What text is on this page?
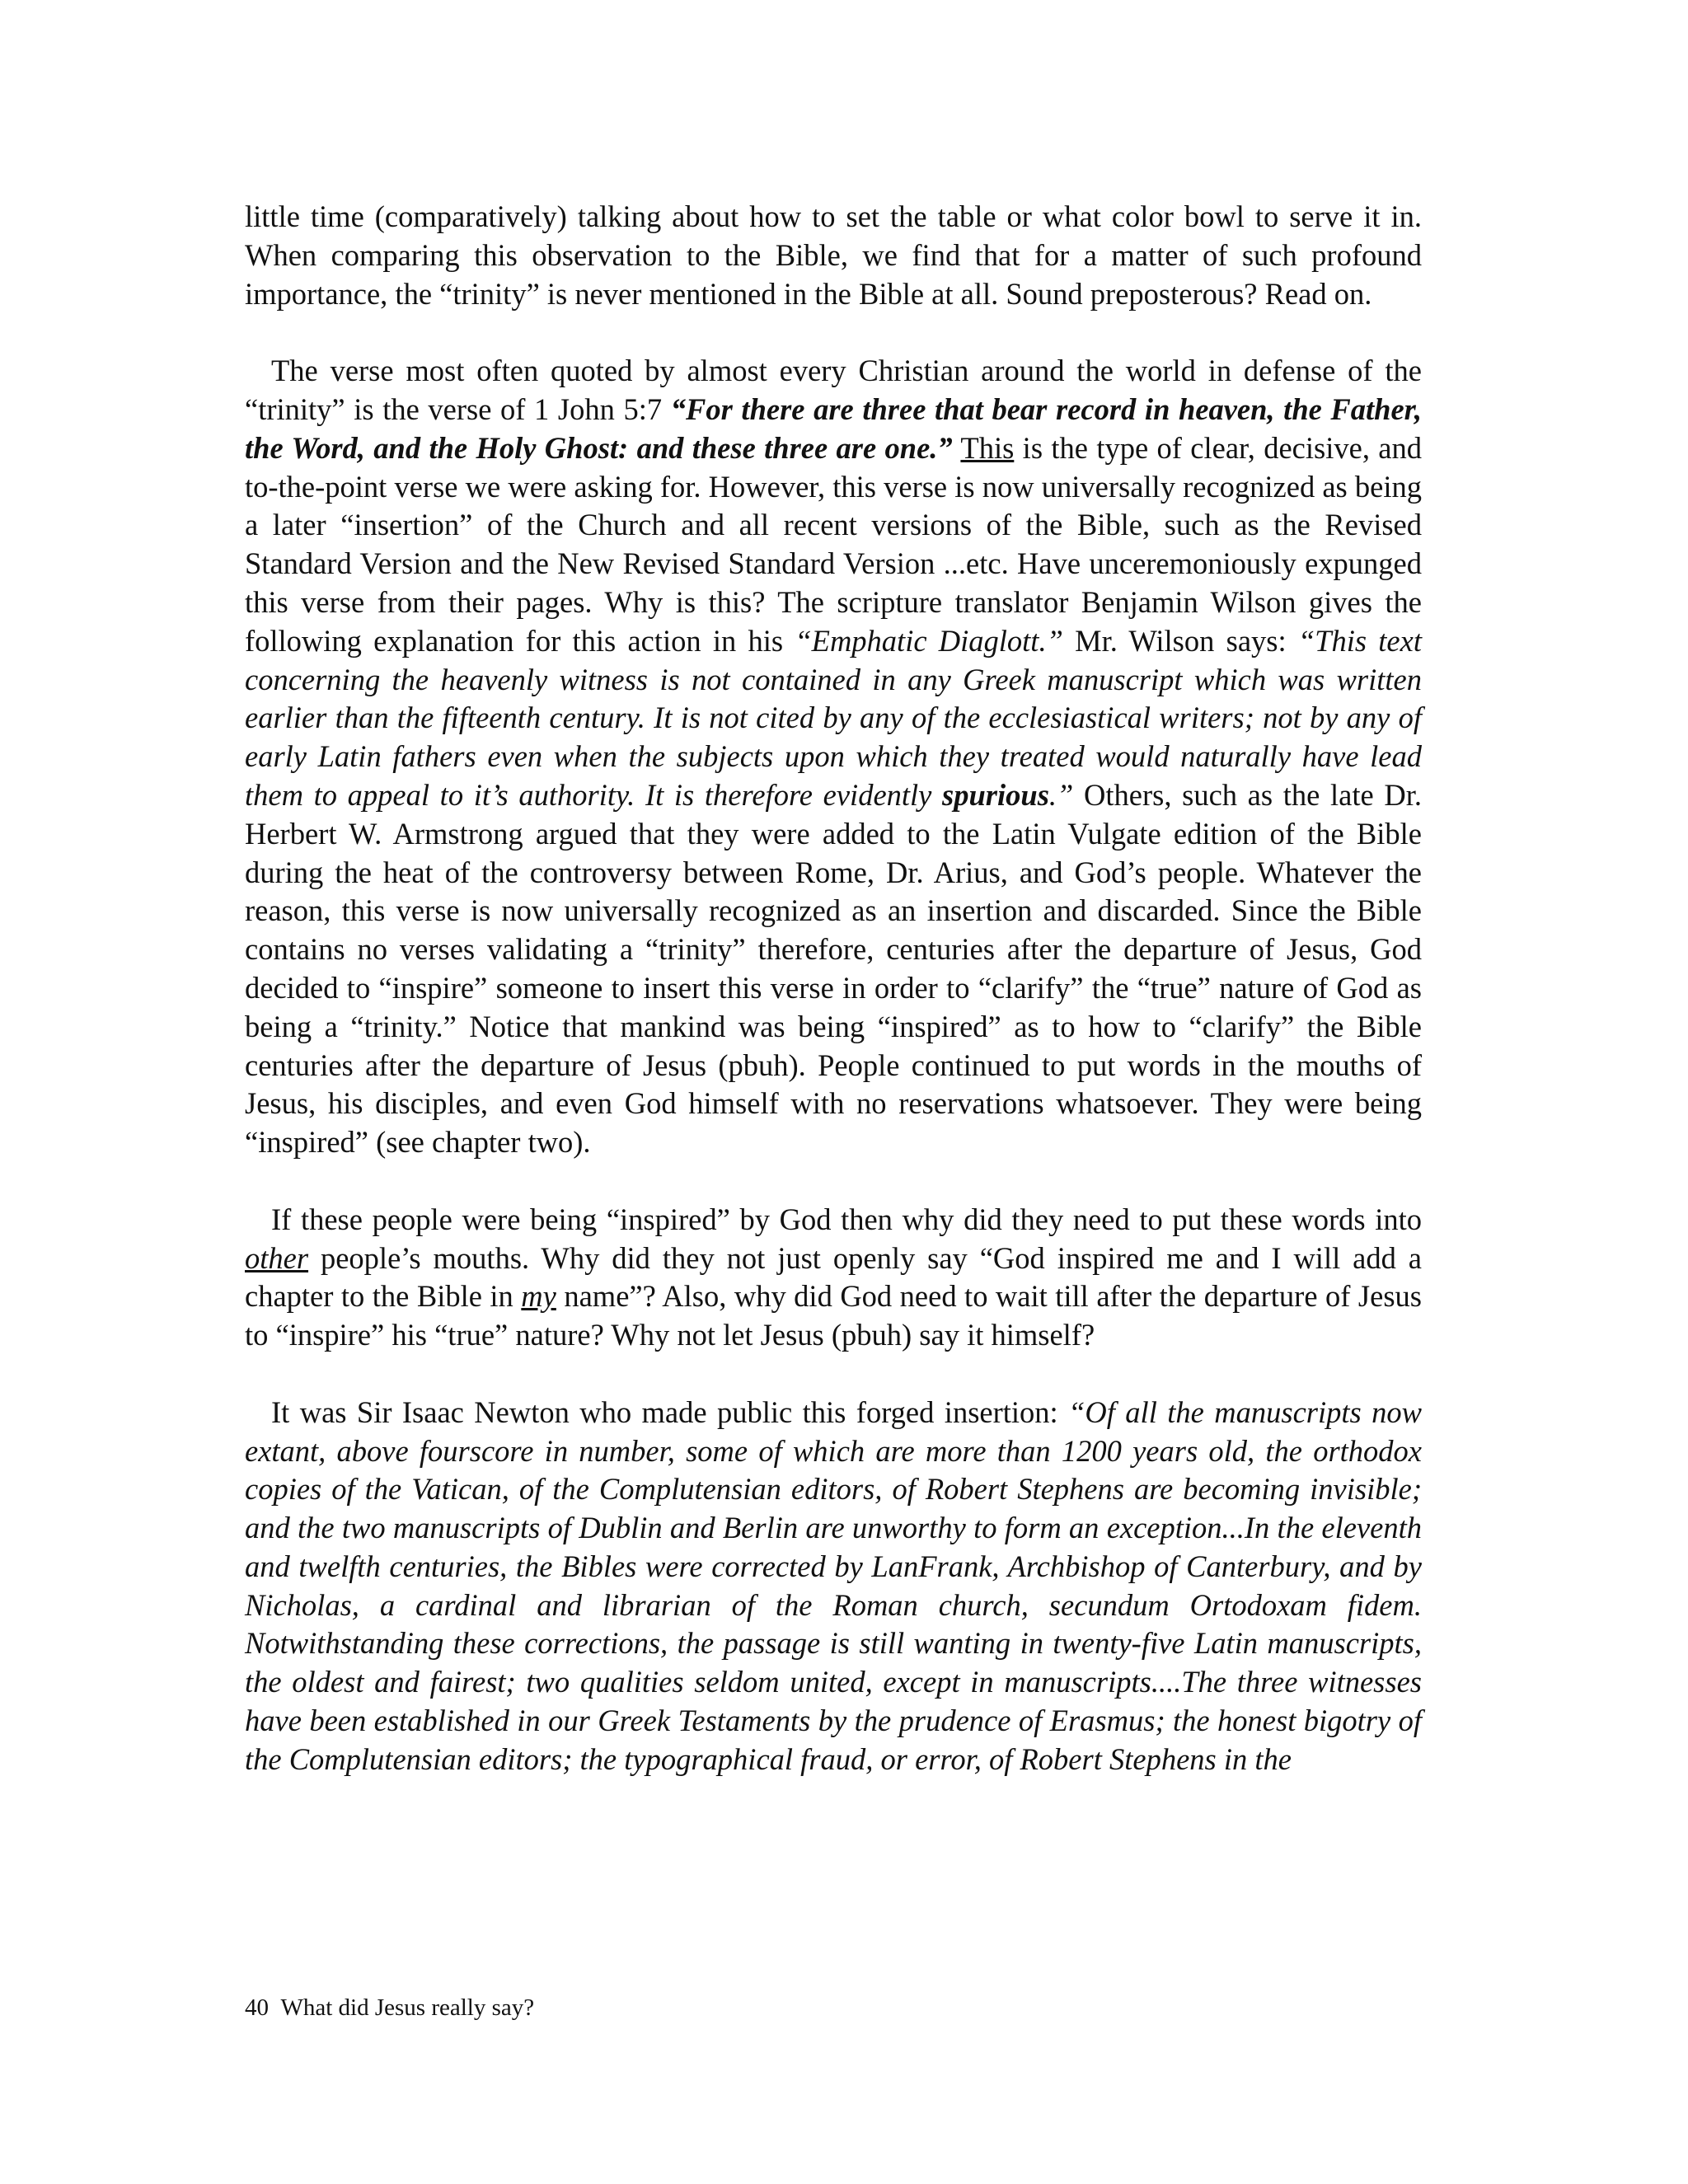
little time (comparatively) talking about how to set the table or what color bowl to serve it in. When comparing this observation to the Bible, we find that for a matter of such profound importance, the “trinity” is never mentioned in the Bible at all. Sound preposterous? Read on.

The verse most often quoted by almost every Christian around the world in defense of the “trinity” is the verse of 1 John 5:7 “For there are three that bear record in heaven, the Father, the Word, and the Holy Ghost: and these three are one.” This is the type of clear, decisive, and to-the-point verse we were asking for. However, this verse is now universally recognized as being a later “insertion” of the Church and all recent versions of the Bible, such as the Revised Standard Version and the New Revised Standard Version ...etc. Have unceremoniously expunged this verse from their pages. Why is this? The scripture translator Benjamin Wilson gives the following explanation for this action in his “Emphatic Diaglott.” Mr. Wilson says: “This text concerning the heavenly witness is not contained in any Greek manuscript which was written earlier than the fifteenth century. It is not cited by any of the ecclesiastical writers; not by any of early Latin fathers even when the subjects upon which they treated would naturally have lead them to appeal to it’s authority. It is therefore evidently spurious.” Others, such as the late Dr. Herbert W. Armstrong argued that they were added to the Latin Vulgate edition of the Bible during the heat of the controversy between Rome, Dr. Arius, and God’s people. Whatever the reason, this verse is now universally recognized as an insertion and discarded. Since the Bible contains no verses validating a “trinity” therefore, centuries after the departure of Jesus, God decided to “inspire” someone to insert this verse in order to “clarify” the “true” nature of God as being a “trinity.” Notice that mankind was being “inspired” as to how to “clarify” the Bible centuries after the departure of Jesus (pbuh). People continued to put words in the mouths of Jesus, his disciples, and even God himself with no reservations whatsoever. They were being “inspired” (see chapter two).

If these people were being “inspired” by God then why did they need to put these words into other people’s mouths. Why did they not just openly say “God inspired me and I will add a chapter to the Bible in my name”? Also, why did God need to wait till after the departure of Jesus to “inspire” his “true” nature? Why not let Jesus (pbuh) say it himself?

It was Sir Isaac Newton who made public this forged insertion: “Of all the manuscripts now extant, above fourscore in number, some of which are more than 1200 years old, the orthodox copies of the Vatican, of the Complutensian editors, of Robert Stephens are becoming invisible; and the two manuscripts of Dublin and Berlin are unworthy to form an exception...In the eleventh and twelfth centuries, the Bibles were corrected by LanFrank, Archbishop of Canterbury, and by Nicholas, a cardinal and librarian of the Roman church, secundum Ortodoxam fidem. Notwithstanding these corrections, the passage is still wanting in twenty-five Latin manuscripts, the oldest and fairest; two qualities seldom united, except in manuscripts....The three witnesses have been established in our Greek Testaments by the prudence of Erasmus; the honest bigotry of the Complutensian editors; the typographical fraud, or error, of Robert Stephens in the

40 What did Jesus really say?
